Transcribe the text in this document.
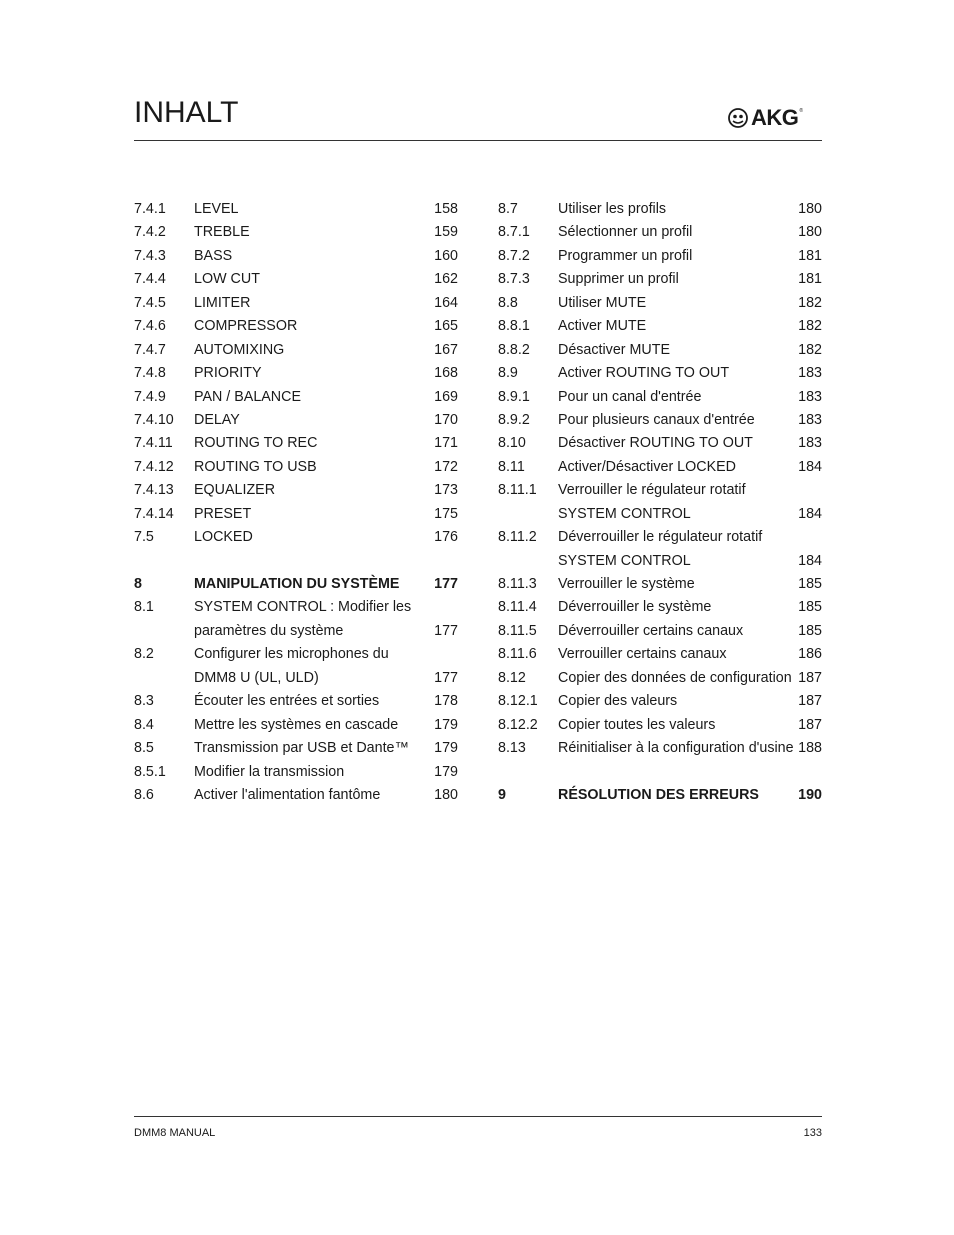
INHALT	AKG ®
7.4.1 LEVEL	158
7.4.2 TREBLE	159
7.4.3 BASS	160
7.4.4 LOW CUT	162
7.4.5 LIMITER	164
7.4.6 COMPRESSOR	165
7.4.7 AUTOMIXING	167
7.4.8 PRIORITY	168
7.4.9 PAN / BALANCE	169
7.4.10 DELAY	170
7.4.11 ROUTING TO REC	171
7.4.12 ROUTING TO USB	172
7.4.13 EQUALIZER	173
7.4.14 PRESET	175
7.5	LOCKED	176
8	MANIPULATION DU SYSTÈME 177
8.1	SYSTEM CONTROL : Modifier les
paramètres du système	177
8.2	Configurer les microphones du
DMM8 U (UL, ULD)	177
8.3	Écouter les entrées et sorties	178
8.4	Mettre les systèmes en cascade	179
8.5	Transmission par USB et Dante™ 179
8.5.1 Modifier la transmission	179
8.6	Activer l'alimentation fantôme	180
8.7	Utiliser les profils	180
8.7.1 Sélectionner un profil	180
8.7.2 Programmer un profil	181
8.7.3 Supprimer un profil	181
8.8	Utiliser MUTE	182
8.8.1 Activer MUTE	182
8.8.2 Désactiver MUTE	182
8.9	Activer ROUTING TO OUT	183
8.9.1 Pour un canal d'entrée	183
8.9.2 Pour plusieurs canaux d'entrée	183
8.10 Désactiver ROUTING TO OUT	183
8.11 Activer/Désactiver LOCKED	184
8.11.1 Verrouiller le régulateur rotatif
SYSTEM CONTROL	184
8.11.2 Déverrouiller le régulateur rotatif
SYSTEM CONTROL	184
8.11.3 Verrouiller le système	185
8.11.4 Déverrouiller le système	185
8.11.5 Déverrouiller certains canaux	185
8.11.6 Verrouiller certains canaux	186
8.12 Copier des données de configuration 187
8.12.1 Copier des valeurs	187
8.12.2 Copier toutes les valeurs	187
8.13 Réinitialiser à la configuration d'usine 188
9	RÉSOLUTION DES ERREURS	190
DMM8 MANUAL	133
